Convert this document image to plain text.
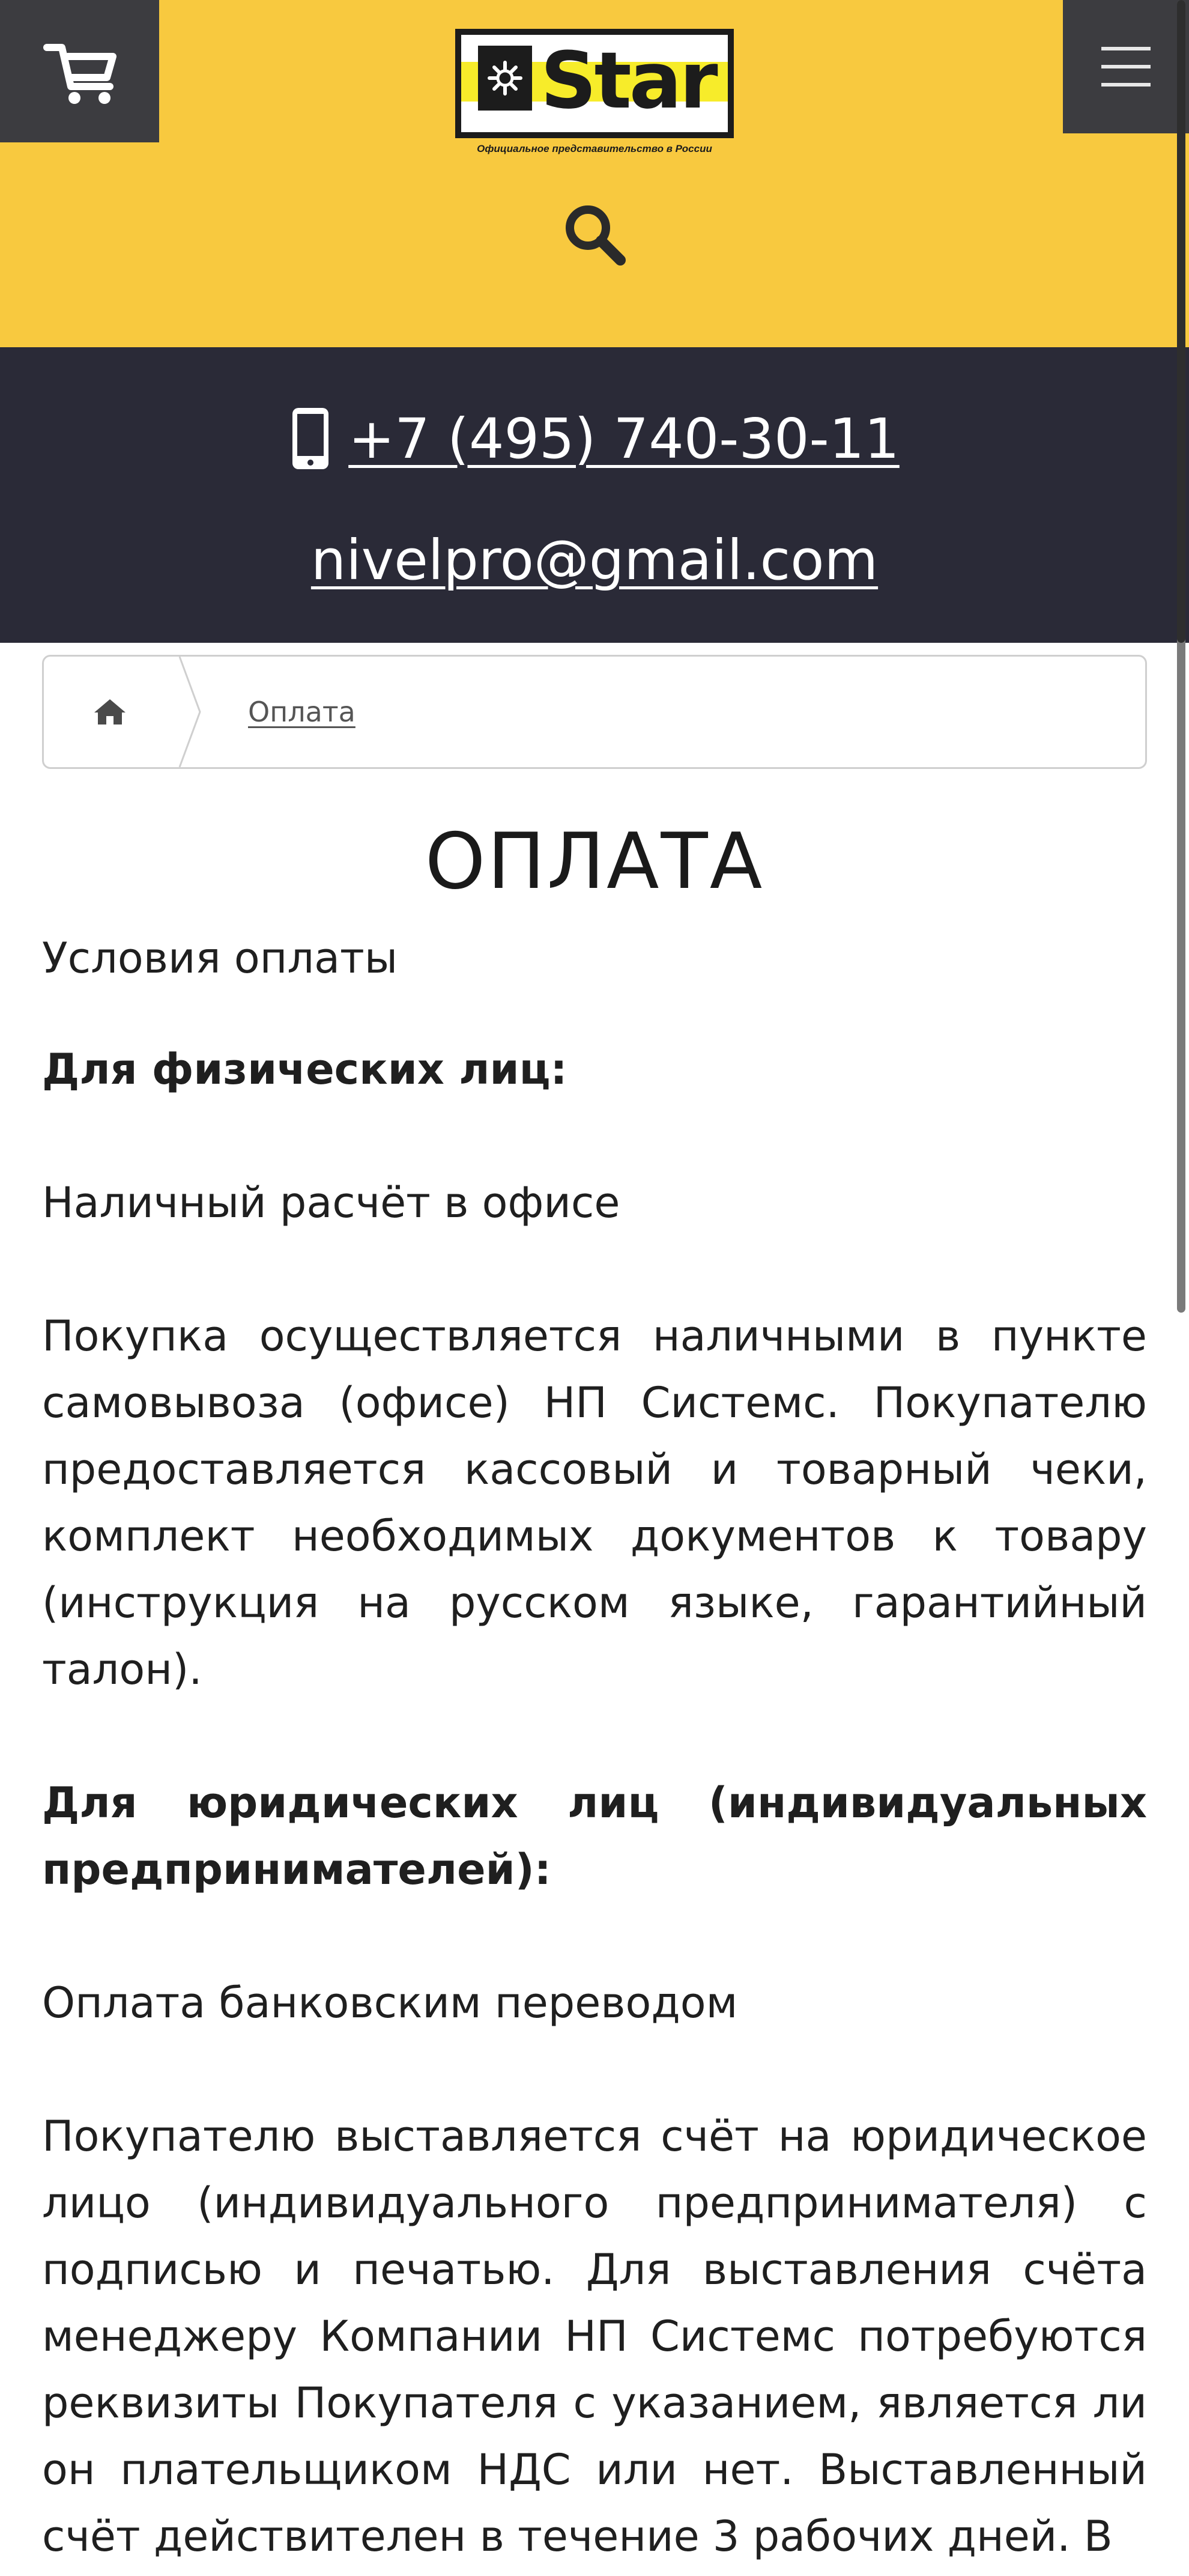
Star
Официальное представительство в России
+7 (495) 740-30-11
nivelpro@gmail.com
Оплата
ОПЛАТА

Условия оплаты

Для физических лиц:

Наличный расчёт в офисе

Покупка осуществляется наличными в пункте самовывоза (офисе) НП Системс. Покупателю предоставляется кассовый и товарный чеки, комплект необходимых документов к товару (инструкция на русском языке, гарантийный талон).

Для юридических лиц (индивидуальных предпринимателей):

Оплата банковским переводом

Покупателю выставляется счёт на юридическое лицо (индивидуального предпринимателя) с подписью и печатью. Для выставления счёта менеджеру Компании НП Системс потребуются реквизиты Покупателя с указанием, является ли он плательщиком НДС или нет. Выставленный счёт действителен в течение 3 рабочих дней. В
